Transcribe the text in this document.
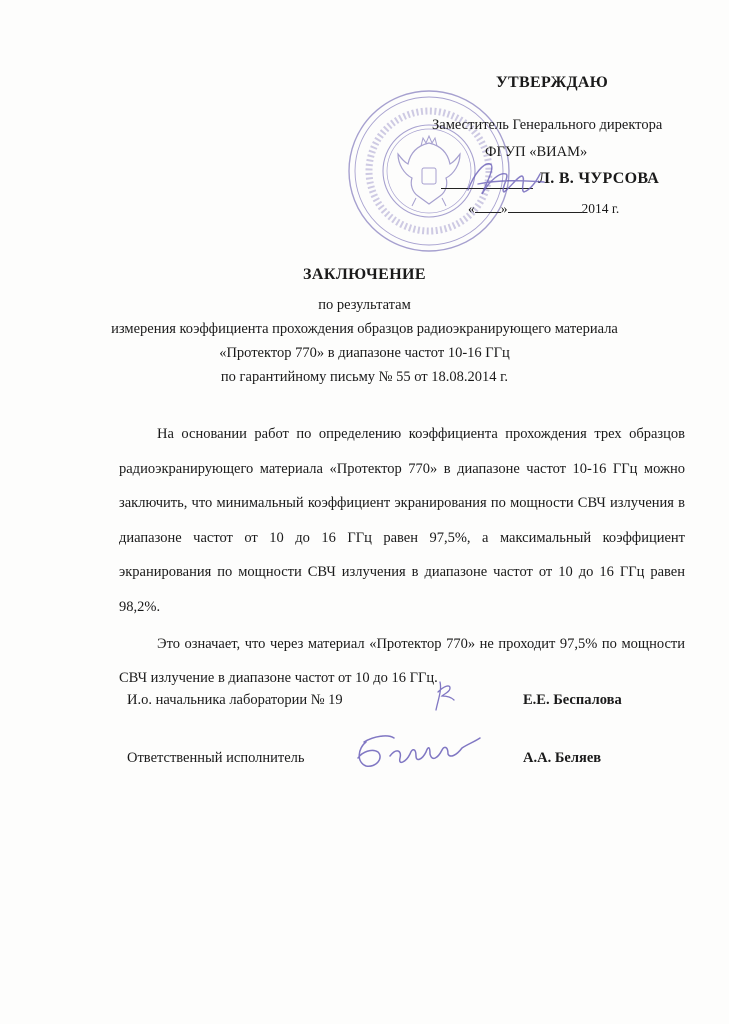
УТВЕРЖДАЮ
Заместитель Генерального директора
ФГУП «ВИАМ»
Л. В. ЧУРСОВА
« »	2014 г.
ЗАКЛЮЧЕНИЕ
по результатам
измерения коэффициента прохождения образцов радиоэкранирующего материала
«Протектор 770» в диапазоне частот 10-16 ГГц
по гарантийному письму № 55 от 18.08.2014 г.

На основании работ по определению коэффициента прохождения трех образцов радиоэкранирующего материала «Протектор 770» в диапазоне частот 10-16 ГГц можно заключить, что минимальный коэффициент экранирования по мощности СВЧ излучения в диапазоне частот от 10 до 16 ГГц равен 97,5%, а максимальный коэффициент экранирования по мощности СВЧ излучения в диапазоне частот от 10 до 16 ГГц равен 98,2%.

Это означает, что через материал «Протектор 770» не проходит 97,5% по мощности СВЧ излучение в диапазоне частот от 10 до 16 ГГц.

И.о. начальника лаборатории № 19	Е.Е. Беспалова
Ответственный исполнитель	А.А. Беляев
